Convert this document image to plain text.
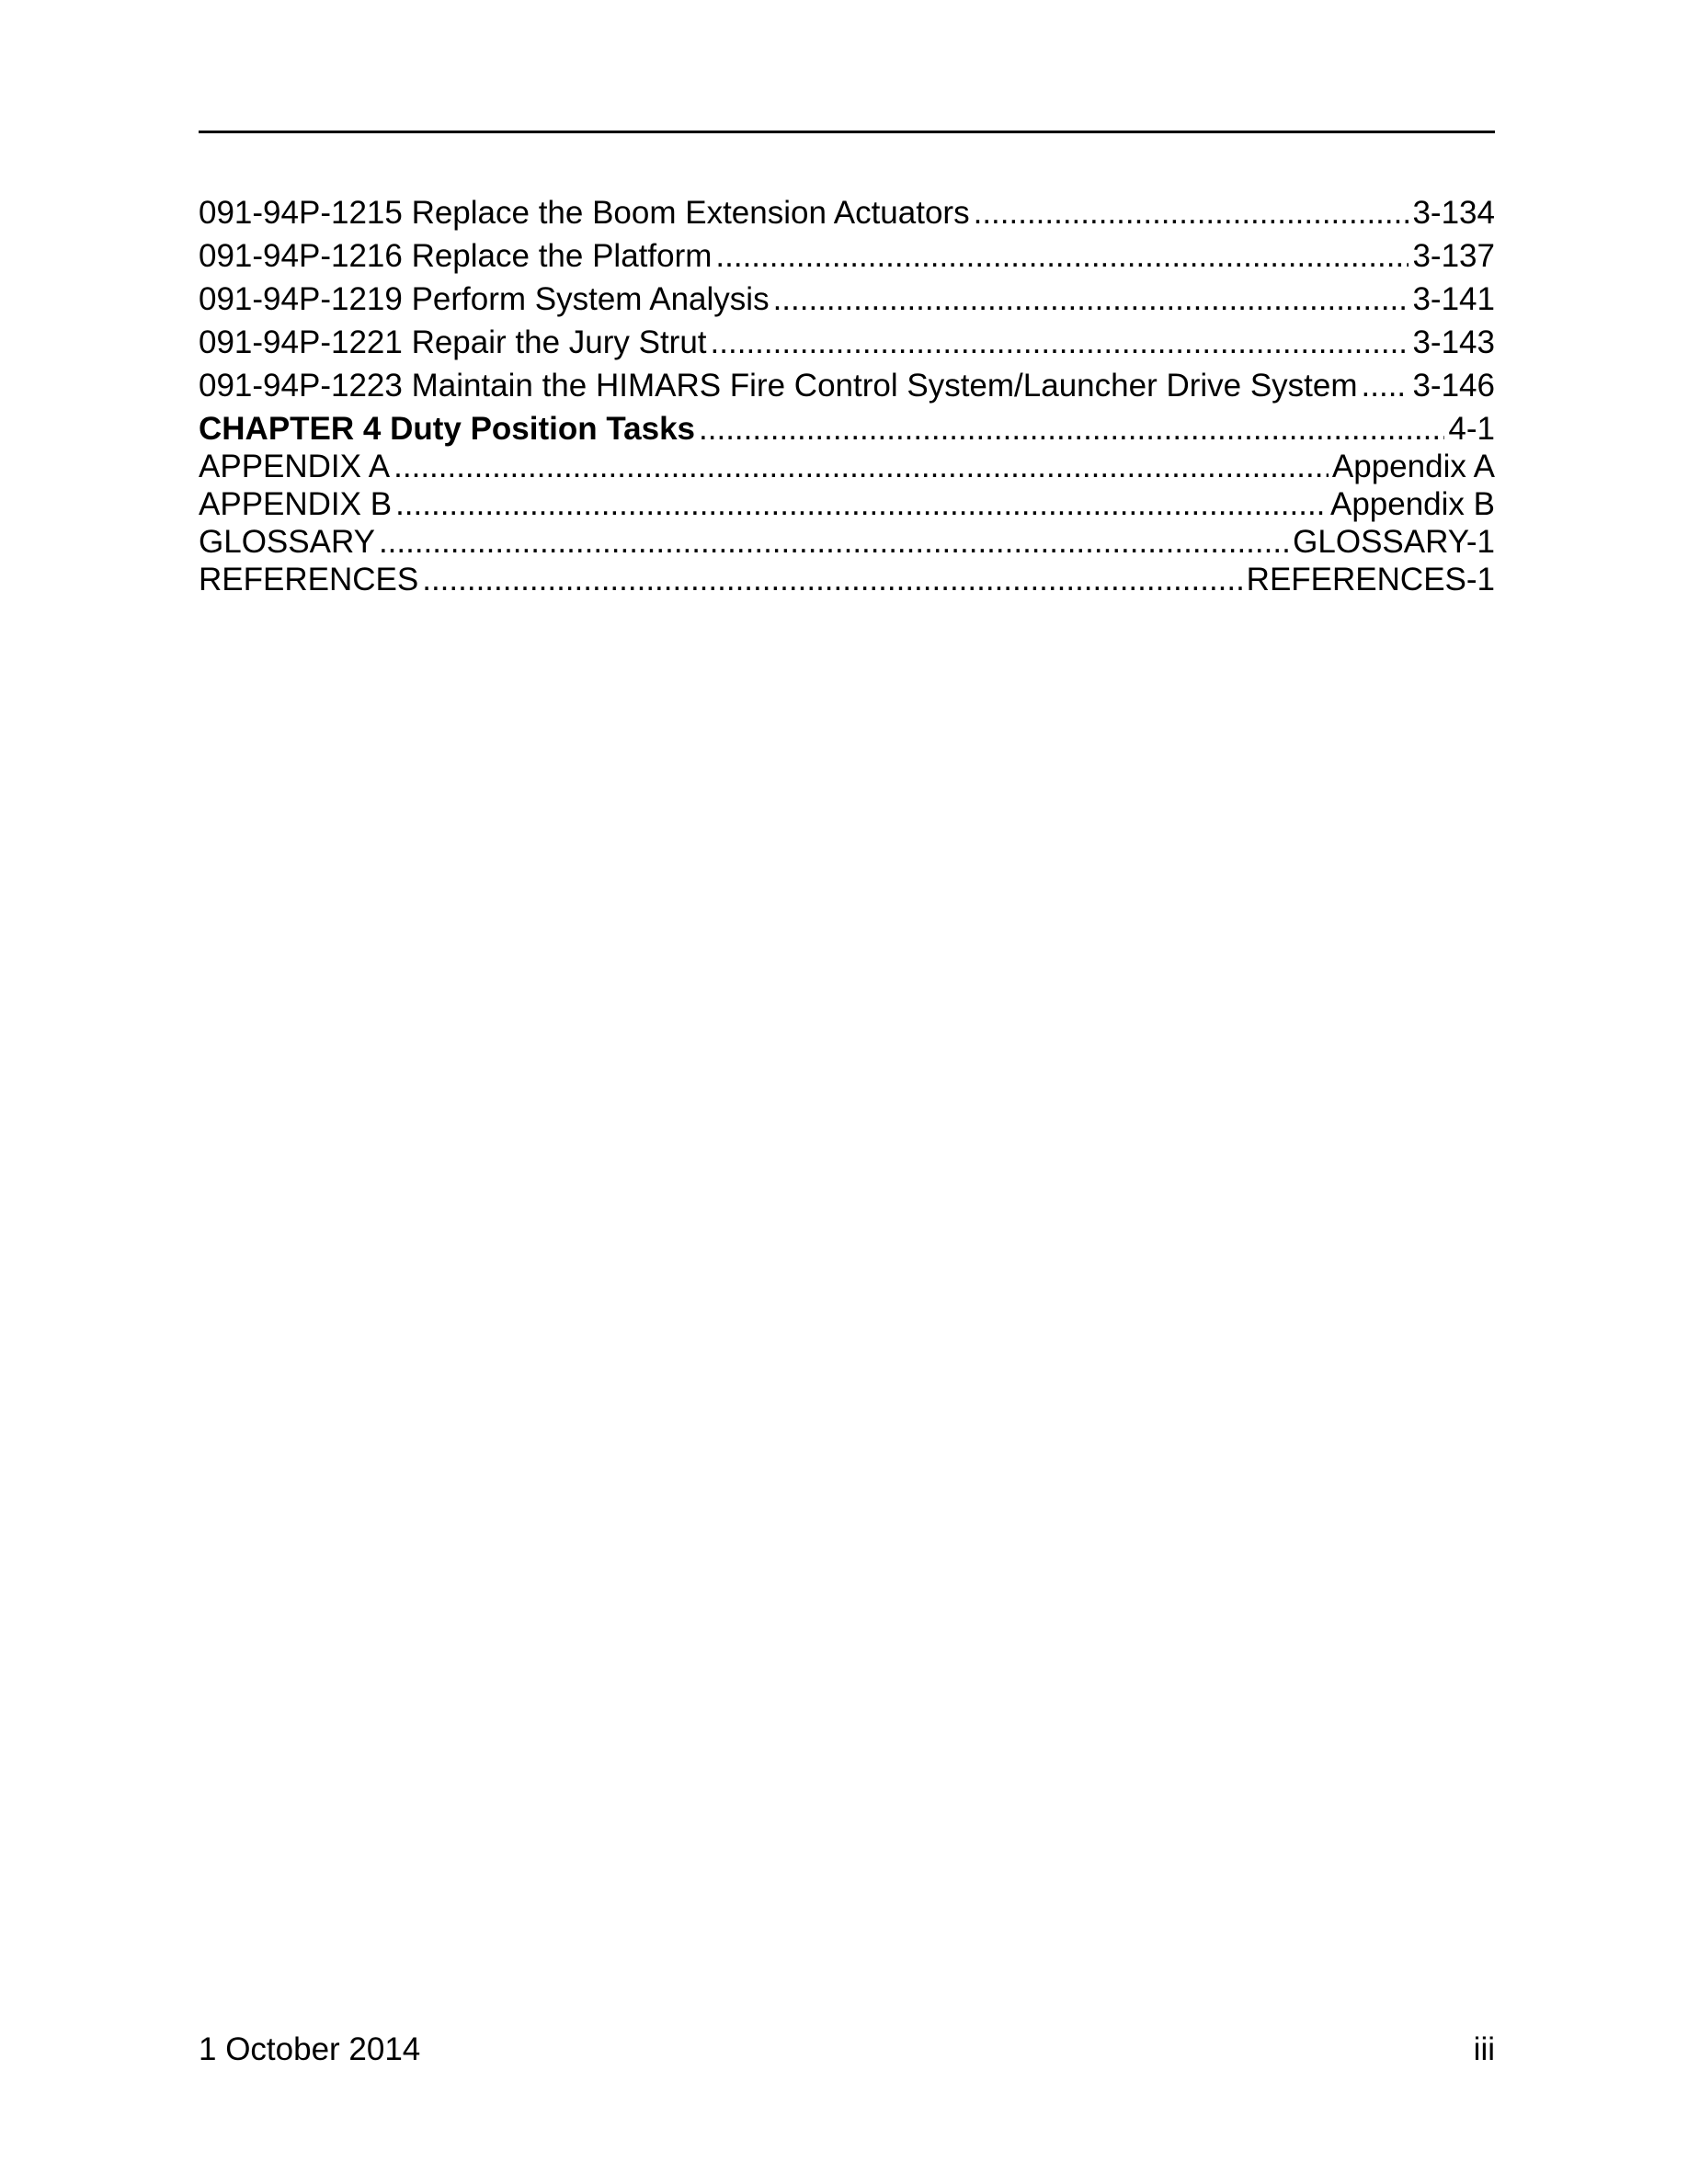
091-94P-1215 Replace the Boom Extension Actuators .....	3-134
091-94P-1216 Replace the Platform .....	3-137
091-94P-1219 Perform System Analysis .....	3-141
091-94P-1221 Repair the Jury Strut .....	3-143
091-94P-1223 Maintain the HIMARS Fire Control System/Launcher Drive System ..... 3-146
CHAPTER 4 Duty Position Tasks .....	4-1
APPENDIX A .....	Appendix A
APPENDIX B .....	Appendix B
GLOSSARY .....	GLOSSARY-1
REFERENCES .....	REFERENCES-1
1 October 2014	iii
